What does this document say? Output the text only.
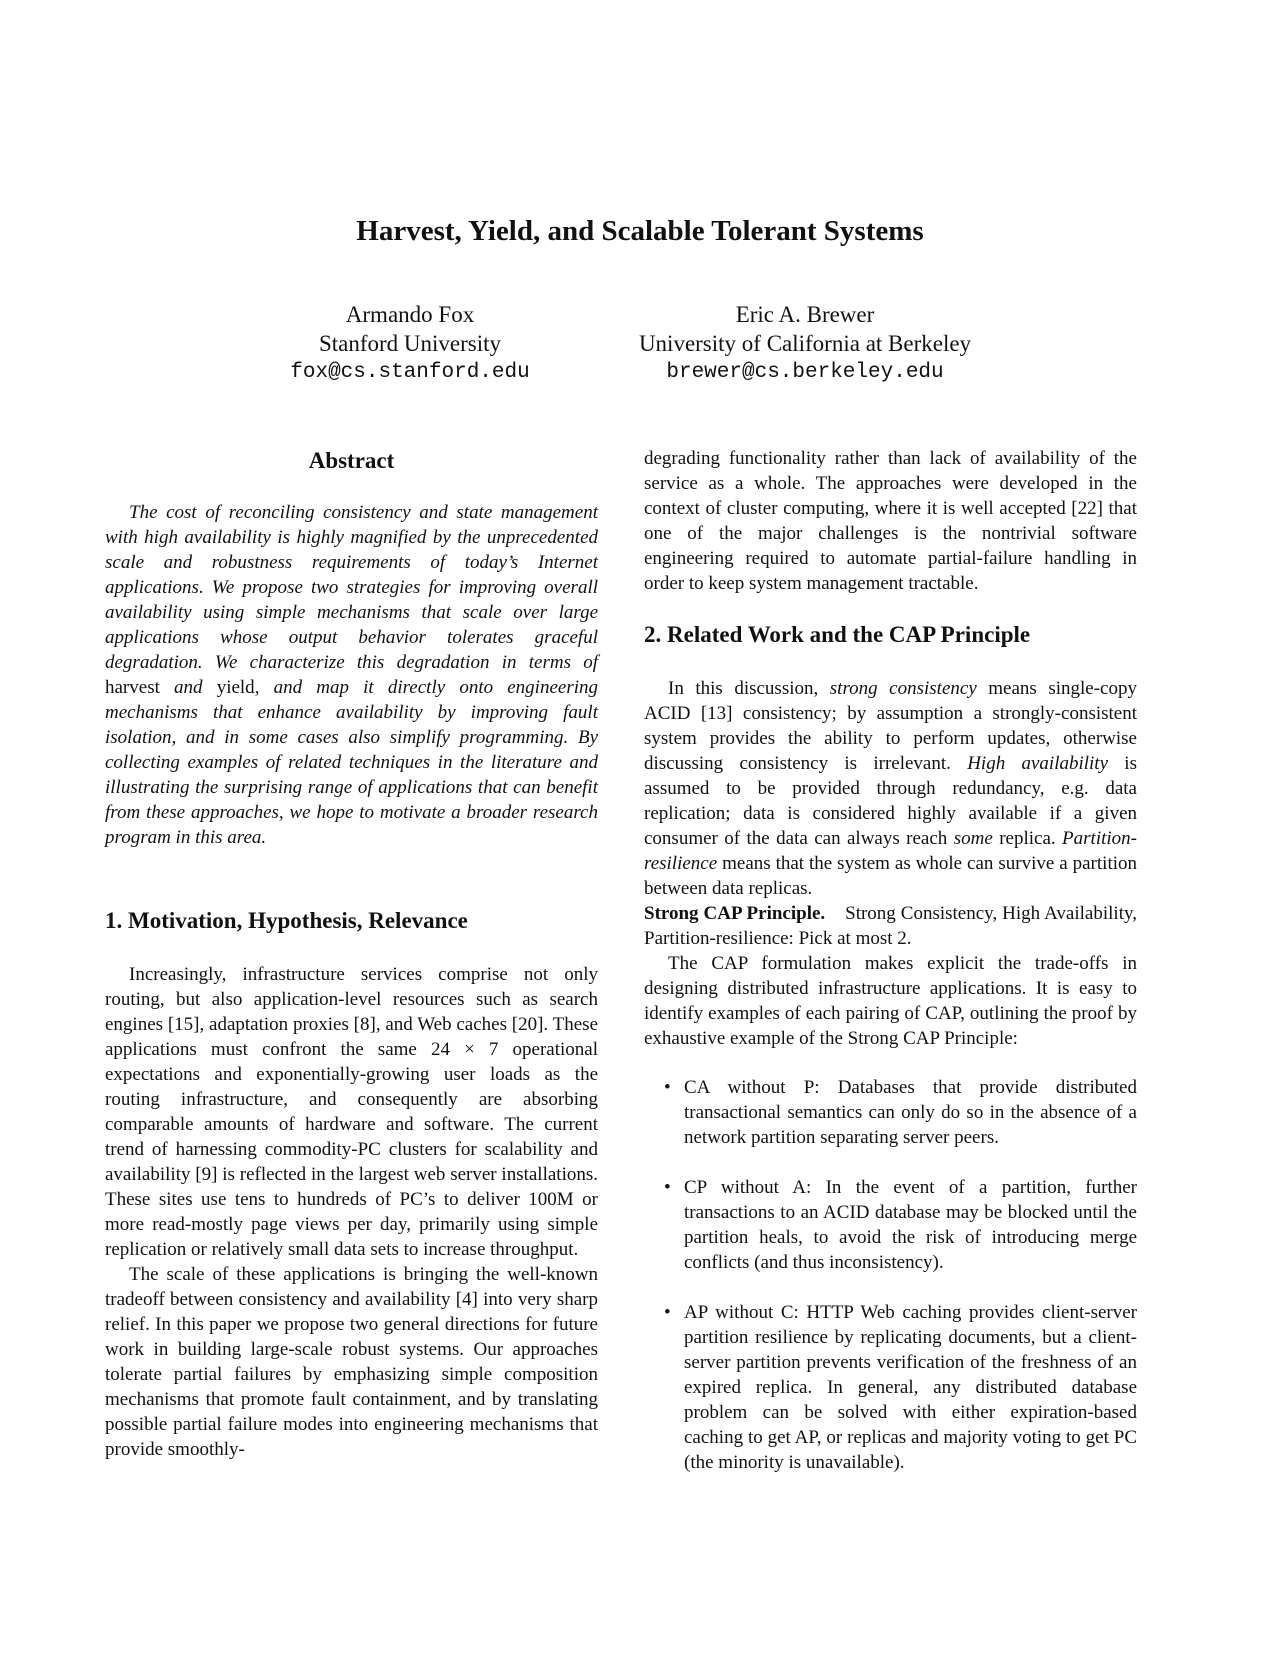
Harvest, Yield, and Scalable Tolerant Systems
Armando Fox
Stanford University
fox@cs.stanford.edu
Eric A. Brewer
University of California at Berkeley
brewer@cs.berkeley.edu
Abstract

The cost of reconciling consistency and state management with high availability is highly magnified by the unprecedented scale and robustness requirements of today’s Internet applications. We propose two strategies for improving overall availability using simple mechanisms that scale over large applications whose output behavior tolerates graceful degradation. We characterize this degradation in terms of harvest and yield, and map it directly onto engineering mechanisms that enhance availability by improving fault isolation, and in some cases also simplify programming. By collecting examples of related techniques in the literature and illustrating the surprising range of applications that can benefit from these approaches, we hope to motivate a broader research program in this area.

1. Motivation, Hypothesis, Relevance

Increasingly, infrastructure services comprise not only routing, but also application-level resources such as search engines [15], adaptation proxies [8], and Web caches [20]. These applications must confront the same 24 × 7 operational expectations and exponentially-growing user loads as the routing infrastructure, and consequently are absorbing comparable amounts of hardware and software. The current trend of harnessing commodity-PC clusters for scalability and availability [9] is reflected in the largest web server installations. These sites use tens to hundreds of PC’s to deliver 100M or more read-mostly page views per day, primarily using simple replication or relatively small data sets to increase throughput.

The scale of these applications is bringing the well-known tradeoff between consistency and availability [4] into very sharp relief. In this paper we propose two general directions for future work in building large-scale robust systems. Our approaches tolerate partial failures by emphasizing simple composition mechanisms that promote fault containment, and by translating possible partial failure modes into engineering mechanisms that provide smoothly-

degrading functionality rather than lack of availability of the service as a whole. The approaches were developed in the context of cluster computing, where it is well accepted [22] that one of the major challenges is the nontrivial software engineering required to automate partial-failure handling in order to keep system management tractable.

2. Related Work and the CAP Principle

In this discussion, strong consistency means single-copy ACID [13] consistency; by assumption a strongly-consistent system provides the ability to perform updates, otherwise discussing consistency is irrelevant. High availability is assumed to be provided through redundancy, e.g. data replication; data is considered highly available if a given consumer of the data can always reach some replica. Partition-resilience means that the system as whole can survive a partition between data replicas.

Strong CAP Principle. Strong Consistency, High Availability, Partition-resilience: Pick at most 2.

The CAP formulation makes explicit the trade-offs in designing distributed infrastructure applications. It is easy to identify examples of each pairing of CAP, outlining the proof by exhaustive example of the Strong CAP Principle:

• CA without P: Databases that provide distributed transactional semantics can only do so in the absence of a network partition separating server peers.
• CP without A: In the event of a partition, further transactions to an ACID database may be blocked until the partition heals, to avoid the risk of introducing merge conflicts (and thus inconsistency).
• AP without C: HTTP Web caching provides client-server partition resilience by replicating documents, but a client-server partition prevents verification of the freshness of an expired replica. In general, any distributed database problem can be solved with either expiration-based caching to get AP, or replicas and majority voting to get PC (the minority is unavailable).
